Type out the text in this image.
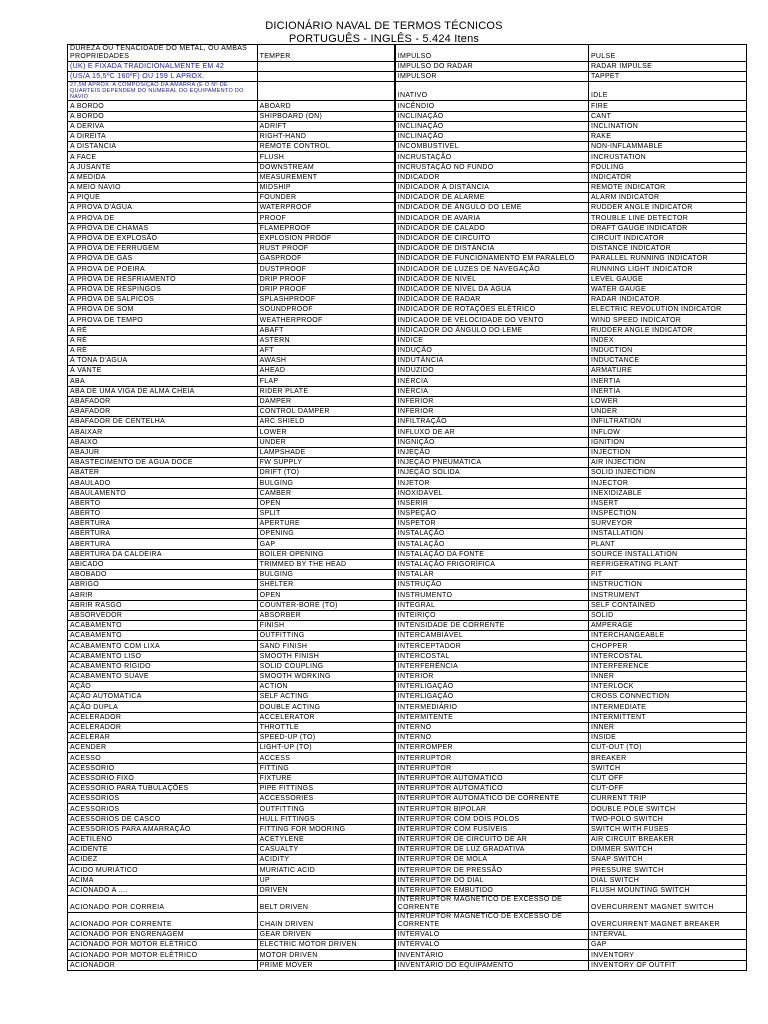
DICIONÁRIO NAVAL DE TERMOS TÉCNICOS
PORTUGUÊS - INGLÊS - 5.424 Itens
DUREZA OU TENACIDADE DO METAL, OU AMBAS PROPRIEDADES	TEMPER	IMPULSO	PULSE
(UK) E FIXADA TRADICIONALMENTE EM 42		IMPULSO DO RADAR	RADAR IMPULSE
(US/A 15,5ºC 160ºF) OU 159 L APROX.		IMPULSOR	TAPPET
27,5M APROX. A COMPOSIÇÃO DA AMARRA (E O Nº DE QUARTEIS DEPENDEM DO NUMERAL DO EQUIPAMENTO DO NAVIO		INATIVO	IDLE
A BORDO	ABOARD	INCÊNDIO	FIRE
A BORDO	SHIPBOARD (ON)	INCLINAÇÃO	CANT
A DERIVA	ADRIFT	INCLINAÇÃO	INCLINATION
A DIREITA	RIGHT-HAND	INCLINAÇÃO	RAKE
A DISTANCIA	REMOTE CONTROL	INCOMBUSTIVEL	NON-INFLAMMABLE
A FACE	FLUSH	INCRUSTAÇÃO	INCRUSTATION
A JUSANTE	DOWNSTREAM	INCRUSTAÇÃO NO FUNDO	FOULING
A MEDIDA	MEASUREMENT	INDICADOR	INDICATOR
A MEIO NAVIO	MIDSHIP	INDICADOR À DISTÂNCIA	REMOTE INDICATOR
A PIQUE	FOUNDER	INDICADOR DE ALARME	ALARM INDICATOR
A PROVA D'ÁGUA	WATERPROOF	INDICADOR DE ÂNGULO DO LEME	RUDDER ANGLE INDICATOR
A PROVA DE	PROOF	INDICADOR DE AVARIA	TROUBLE LINE DETECTOR
A PROVA DE CHAMAS	FLAMEPROOF	INDICADOR DE CALADO	DRAFT GAUGE INDICATOR
A PROVA DE EXPLOSÃO	EXPLOSION PROOF	INDICADOR DE CIRCUITO	CIRCUIT INDICATOR
A PROVA DE FERRUGEM	RUST PROOF	INDICADOR DE DISTÂNCIA	DISTANCE INDICATOR
A PROVA DE GÁS	GASPROOF	INDICADOR DE FUNCIONAMENTO EM PARALELO	PARALLEL RUNNING INDICATOR
A PROVA DE POEIRA	DUSTPROOF	INDICADOR DE LUZES DE NAVEGAÇÃO	RUNNING LIGHT INDICATOR
A PROVA DE RESFRIAMENTO	DRIP PROOF	INDICADOR DE NIVEL	LEVEL GAUGE
A PROVA DE RESPINGOS	DRIP PROOF	INDICADOR DE NÍVEL DA ÁGUA	WATER GAUGE
A PROVA DE SALPICOS	SPLASHPROOF	INDICADOR DE RADAR	RADAR INDICATOR
A PROVA DE SOM	SOUNDPROOF	INDICADOR DE ROTAÇÕES ELÉTRICO	ELECTRIC REVOLUTION INDICATOR
A PROVA DE TEMPO	WEATHERPROOF	INDICADOR DE VELOCIDADE DO VENTO	WIND SPEED INDICATOR
A RÉ	ABAFT	INDICADOR DO ÂNGULO DO LEME	RUDDER ANGLE INDICATOR
A RÉ	ASTERN	ÍNDICE	INDEX
A RÉ	AFT	INDUÇÃO	INDUCTION
À TONA D'ÁGUA	AWASH	INDUTÂNCIA	INDUCTANCE
À VANTE	AHEAD	INDUZIDO	ARMATURE
ABA	FLAP	INÉRCIA	INERTIA
ABA DE UMA VIGA DE ALMA CHEIA	RIDER PLATE	INÉRCIA	INERTIA
ABAFADOR	DAMPER	INFERIOR	LOWER
ABAFADOR	CONTROL DAMPER	INFERIOR	UNDER
ABAFADOR DE CENTELHA	ARC SHIELD	INFILTRAÇÃO	INFILTRATION
ABAIXAR	LOWER	INFLUXO DE AR	INFLOW
ABAIXO	UNDER	INGNIÇÃO	IGNITION
ABAJUR	LAMPSHADE	INJEÇÃO	INJECTION
ABASTECIMENTO DE ÁGUA DOCE	FW SUPPLY	INJEÇÃO PNEUMÁTICA	AIR INJECTION
ABATER	DRIFT (TO)	INJEÇÃO SÓLIDA	SOLID INJECTION
ABAULADO	BULGING	INJETOR	INJECTOR
ABAULAMENTO	CAMBER	INOXIDÁVEL	INEXIDIZABLE
ABERTO	OPEN	INSERIR	INSERT
ABERTO	SPLIT	INSPEÇÃO	INSPECTION
ABERTURA	APERTURE	INSPETOR	SURVEYOR
ABERTURA	OPENING	INSTALAÇÃO	INSTALLATION
ABERTURA	GAP	INSTALAÇÃO	PLANT
ABERTURA DA CALDEIRA	BOILER OPENING	INSTALAÇÃO DA FONTE	SOURCE INSTALLATION
ABICADO	TRIMMED BY THE HEAD	INSTALAÇÃO FRIGORÍFICA	REFRIGERATING PLANT
ABOBADO	BULGING	INSTALAR	FIT
ABRIGO	SHELTER	INSTRUÇÃO	INSTRUCTION
ABRIR	OPEN	INSTRUMENTO	INSTRUMENT
ABRIR RASGO	COUNTER-BORE (TO)	INTEGRAL	SELF CONTAINED
ABSORVEDOR	ABSORBER	INTEIRIÇO	SOLID
ACABAMENTO	FINISH	INTENSIDADE DE CORRENTE	AMPERAGE
ACABAMENTO	OUTFITTING	INTERCAMBIÁVEL	INTERCHANGEABLE
ACABAMENTO COM LIXA	SAND FINISH	INTERCEPTADOR	CHOPPER
ACABAMENTO LISO	SMOOTH FINISH	INTERCOSTAL	INTERCOSTAL
ACABAMENTO RÍGIDO	SOLID COUPLING	INTERFERÊNCIA	INTERFERENCE
ACABAMENTO SUAVE	SMOOTH WORKING	INTERIOR	INNER
AÇÃO	ACTION	INTERLIGAÇÃO	INTERLOCK
AÇÃO AUTOMÁTICA	SELF ACTING	INTERLIGAÇÃO	CROSS CONNECTION
AÇÃO DUPLA	DOUBLE ACTING	INTERMEDIÁRIO	INTERMEDIATE
ACELERADOR	ACCELERATOR	INTERMITENTE	INTERMITTENT
ACELERADOR	THROTTLE	INTERNO	INNER
ACELERAR	SPEED-UP (TO)	INTERNO	INSIDE
ACENDER	LIGHT-UP (TO)	INTERROMPER	CUT-OUT (TO)
ACESSO	ACCESS	INTERRUPTOR	BREAKER
ACESSÓRIO	FITTING	INTERRUPTOR	SWITCH
ACESSÓRIO FIXO	FIXTURE	INTERRUPTOR AUTOMÁTICO	CUT OFF
ACESSÓRIO PARA TUBULAÇÕES	PIPE FITTINGS	INTERRUPTOR AUTOMÁTICO	CUT-OFF
ACESSÓRIOS	ACCESSORIES	INTERRUPTOR AUTOMÁTICO DE CORRENTE	CURRENT TRIP
ACESSÓRIOS	OUTFITTING	INTERRUPTOR BIPOLAR	DOUBLE POLE SWITCH
ACESSÓRIOS DE CASCO	HULL FITTINGS	INTERRUPTOR COM DOIS PÓLOS	TWO-POLO SWITCH
ACESSÓRIOS PARA AMARRAÇÃO	FITTING FOR MOORING	INTERRUPTOR COM FUSÍVEIS	SWITCH WITH FUSES
ACETILENO	ACETYLENE	INTERRUPTOR DE CIRCUITO DE AR	AIR CIRCUIT BREAKER
ACIDENTE	CASUALTY	INTERRUPTOR DE LUZ GRADATIVA	DIMMER SWITCH
ACIDEZ	ACIDITY	INTERRUPTOR DE MOLA	SNAP SWITCH
ÁCIDO MURIÁTICO	MURIATIC ACID	INTERRUPTOR DE PRESSÃO	PRESSURE SWITCH
ACIMA	UP	INTERRUPTOR DO DIAL	DIAL SWITCH
ACIONADO A ....	DRIVEN	INTERRUPTOR EMBUTIDO	FLUSH MOUNTING SWITCH
ACIONADO POR CORREIA	BELT DRIVEN	INTERRUPTOR MAGNÉTICO DE EXCESSO DE CORRENTE	OVERCURRENT MAGNET SWITCH
ACIONADO POR CORRENTE	CHAIN DRIVEN	INTERRUPTOR MAGNÉTICO DE EXCESSO DE CORRENTE	OVERCURRENT MAGNET BREAKER
ACIONADO POR ENGRENAGEM	GEAR DRIVEN	INTERVALO	INTERVAL
ACIONADO POR MOTOR ELÉTRICO	ELECTRIC MOTOR DRIVEN	INTERVALO	GAP
ACIONADO POR MOTOR ELÉTRICO	MOTOR DRIVEN	INVENTÁRIO	INVENTORY
ACIONADOR	PRIME MOVER	INVENTÁRIO DO EQUIPAMENTO	INVENTORY OF OUTFIT
